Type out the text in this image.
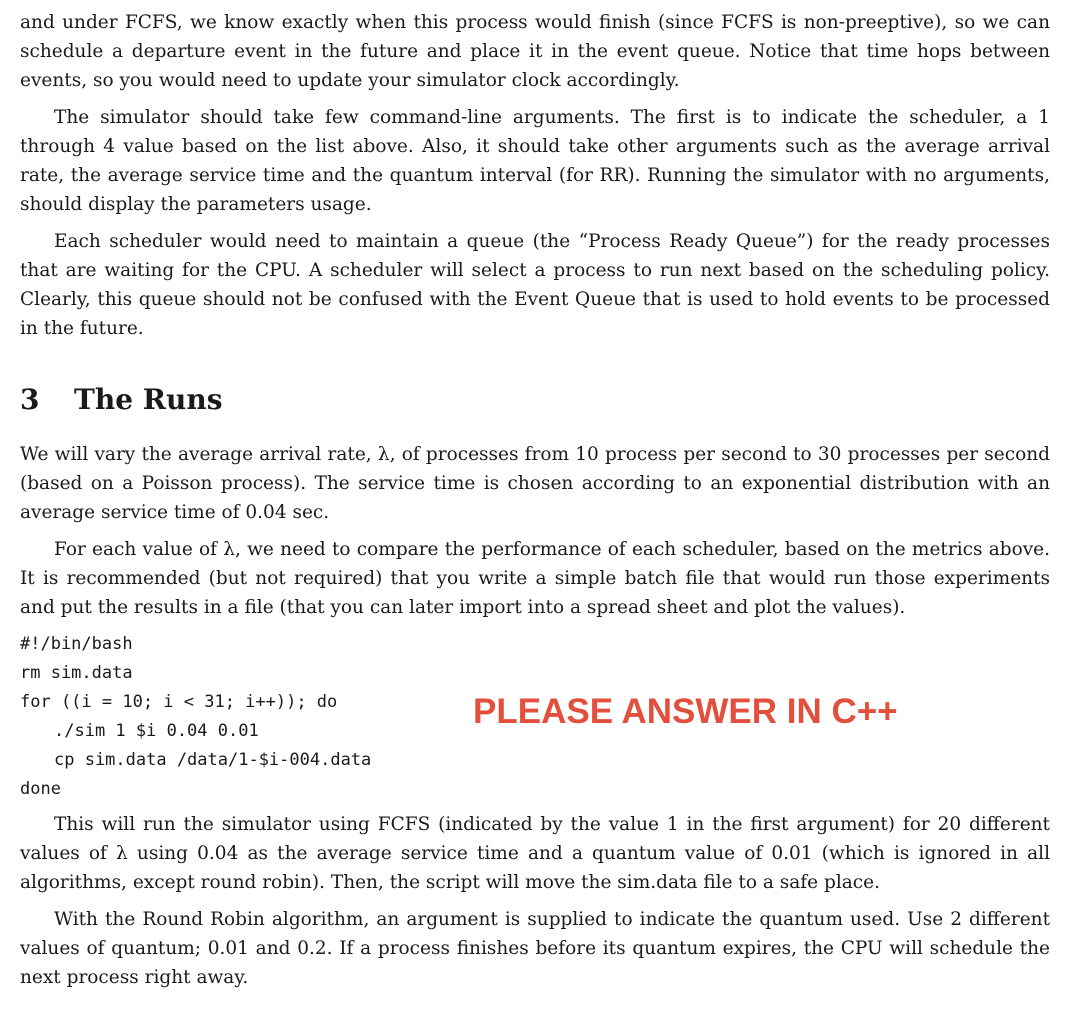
and under FCFS, we know exactly when this process would finish (since FCFS is non-preeptive), so we can schedule a departure event in the future and place it in the event queue. Notice that time hops between events, so you would need to update your simulator clock accordingly.

The simulator should take few command-line arguments. The first is to indicate the scheduler, a 1 through 4 value based on the list above. Also, it should take other arguments such as the average arrival rate, the average service time and the quantum interval (for RR). Running the simulator with no arguments, should display the parameters usage.

Each scheduler would need to maintain a queue (the “Process Ready Queue”) for the ready processes that are waiting for the CPU. A scheduler will select a process to run next based on the scheduling policy. Clearly, this queue should not be confused with the Event Queue that is used to hold events to be processed in the future.

3 The Runs

We will vary the average arrival rate, λ, of processes from 10 process per second to 30 processes per second (based on a Poisson process). The service time is chosen according to an exponential distribution with an average service time of 0.04 sec.

For each value of λ, we need to compare the performance of each scheduler, based on the metrics above. It is recommended (but not required) that you write a simple batch file that would run those experiments and put the results in a file (that you can later import into a spread sheet and plot the values).

#!/bin/bash
rm sim.data
for ((i = 10; i < 31; i++)); do
./sim 1 $i 0.04 0.01
cp sim.data /data/1-$i-004.data
done
PLEASE ANSWER IN C++

This will run the simulator using FCFS (indicated by the value 1 in the first argument) for 20 different values of λ using 0.04 as the average service time and a quantum value of 0.01 (which is ignored in all algorithms, except round robin). Then, the script will move the sim.data file to a safe place.

With the Round Robin algorithm, an argument is supplied to indicate the quantum used. Use 2 different values of quantum; 0.01 and 0.2. If a process finishes before its quantum expires, the CPU will schedule the next process right away.
